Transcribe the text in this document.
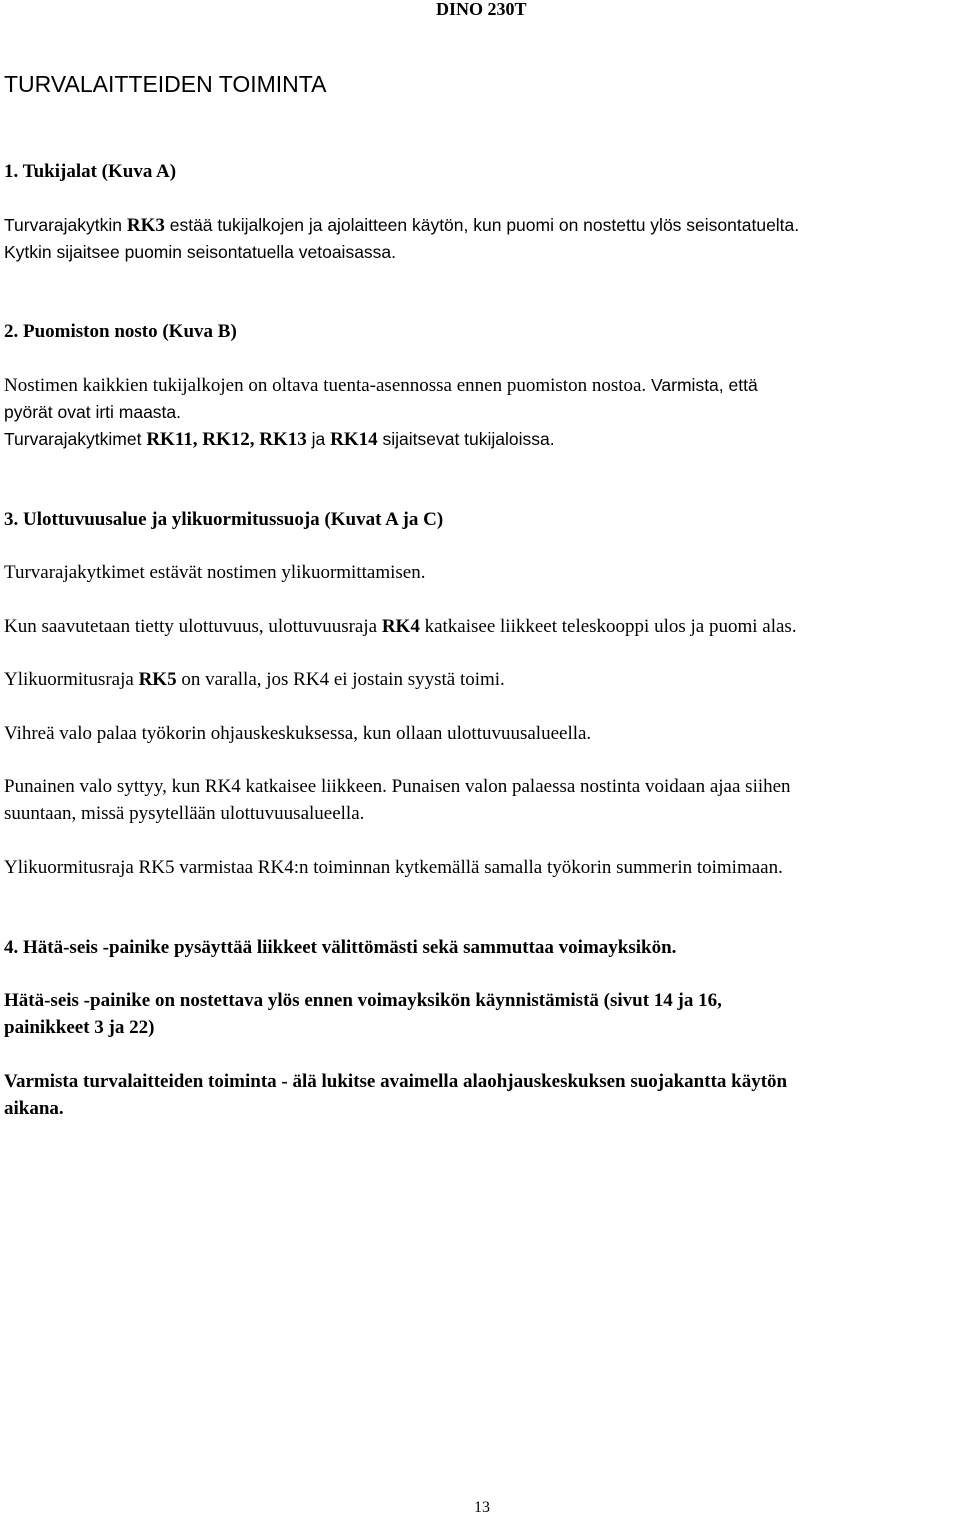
DINO 230T
TURVALAITTEIDEN TOIMINTA
1. Tukijalat (Kuva A)
Turvarajakytkin RK3 estää tukijalkojen ja ajolaitteen käytön, kun puomi on nostettu ylös seisontatuelta.
Kytkin sijaitsee puomin seisontatuella vetoaisassa.
2. Puomiston nosto (Kuva B)
Nostimen kaikkien tukijalkojen on oltava tuenta-asennossa ennen puomiston nostoa. Varmista, että
pyörät ovat irti maasta.
Turvarajakytkimet RK11, RK12, RK13 ja RK14 sijaitsevat tukijaloissa.
3. Ulottuvuusalue ja ylikuormitussuoja (Kuvat A ja C)
Turvarajakytkimet estävät nostimen ylikuormittamisen.
Kun saavutetaan tietty ulottuvuus, ulottuvuusraja RK4 katkaisee liikkeet teleskooppi ulos ja puomi alas.
Ylikuormitusraja RK5 on varalla, jos RK4 ei jostain syystä toimi.
Vihreä valo palaa työkorin ohjauskeskuksessa, kun ollaan ulottuvuusalueella.
Punainen valo syttyy, kun RK4 katkaisee liikkeen. Punaisen valon palaessa nostinta voidaan ajaa siihen
suuntaan, missä pysytellään ulottuvuusalueella.
Ylikuormitusraja RK5 varmistaa RK4:n toiminnan kytkemällä samalla työkorin summerin toimimaan.
4. Hätä-seis -painike pysäyttää liikkeet välittömästi sekä sammuttaa voimayksikön.
Hätä-seis -painike on nostettava ylös ennen voimayksikön käynnistämistä (sivut 14 ja 16,
painikkeet 3 ja 22)
Varmista turvalaitteiden toiminta - älä lukitse avaimella alaohjauskeskuksen suojakantta käytön
aikana.
13
